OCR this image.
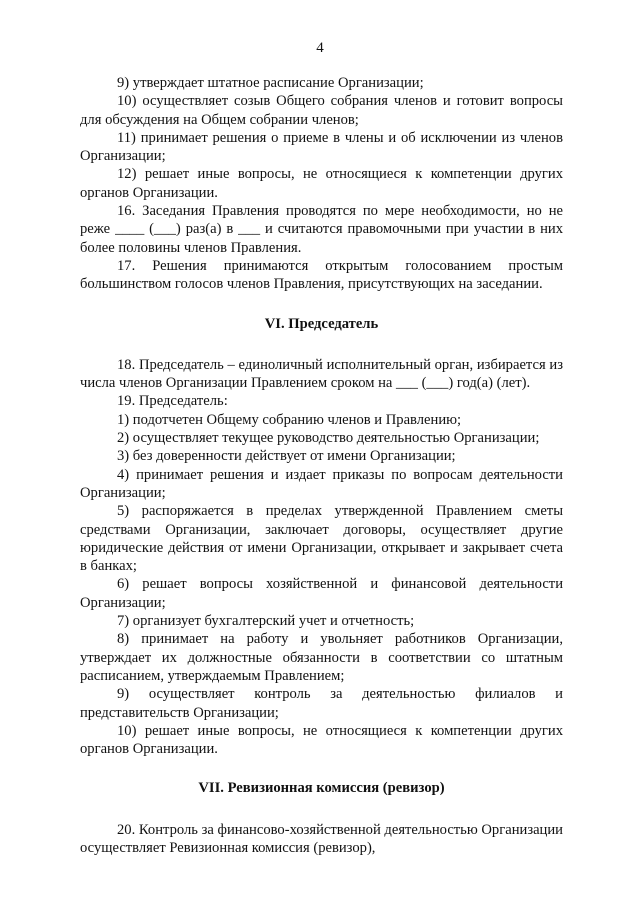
4

9) утверждает штатное расписание Организации;

10) осуществляет созыв Общего собрания членов и готовит вопросы для обсуждения на Общем собрании членов;

11) принимает решения о приеме в члены и об исключении из членов Организации;

12) решает иные вопросы, не относящиеся к компетенции других органов Организации.

16. Заседания Правления проводятся по мере необходимости, но не реже ____ (___) раз(а) в ___ и считаются правомочными при участии в них более половины членов Правления.

17. Решения принимаются открытым голосованием простым большинством голосов членов Правления, присутствующих на заседании.

VI. Председатель

18. Председатель – единоличный исполнительный орган, избирается из числа членов Организации Правлением сроком на ___ (___) год(а) (лет).

19. Председатель:

1) подотчетен Общему собранию членов и Правлению;

2) осуществляет текущее руководство деятельностью Организации;

3) без доверенности действует от имени Организации;

4) принимает решения и издает приказы по вопросам деятельности Организации;

5) распоряжается в пределах утвержденной Правлением сметы средствами Организации, заключает договоры, осуществляет другие юридические действия от имени Организации, открывает и закрывает счета в банках;

6) решает вопросы хозяйственной и финансовой деятельности Организации;

7) организует бухгалтерский учет и отчетность;

8) принимает на работу и увольняет работников Организации, утверждает их должностные обязанности в соответствии со штатным расписанием, утверждаемым Правлением;

9) осуществляет контроль за деятельностью филиалов и представительств Организации;

10) решает иные вопросы, не относящиеся к компетенции других органов Организации.

VII. Ревизионная комиссия (ревизор)

20. Контроль за финансово-хозяйственной деятельностью Организации осуществляет Ревизионная комиссия (ревизор),
